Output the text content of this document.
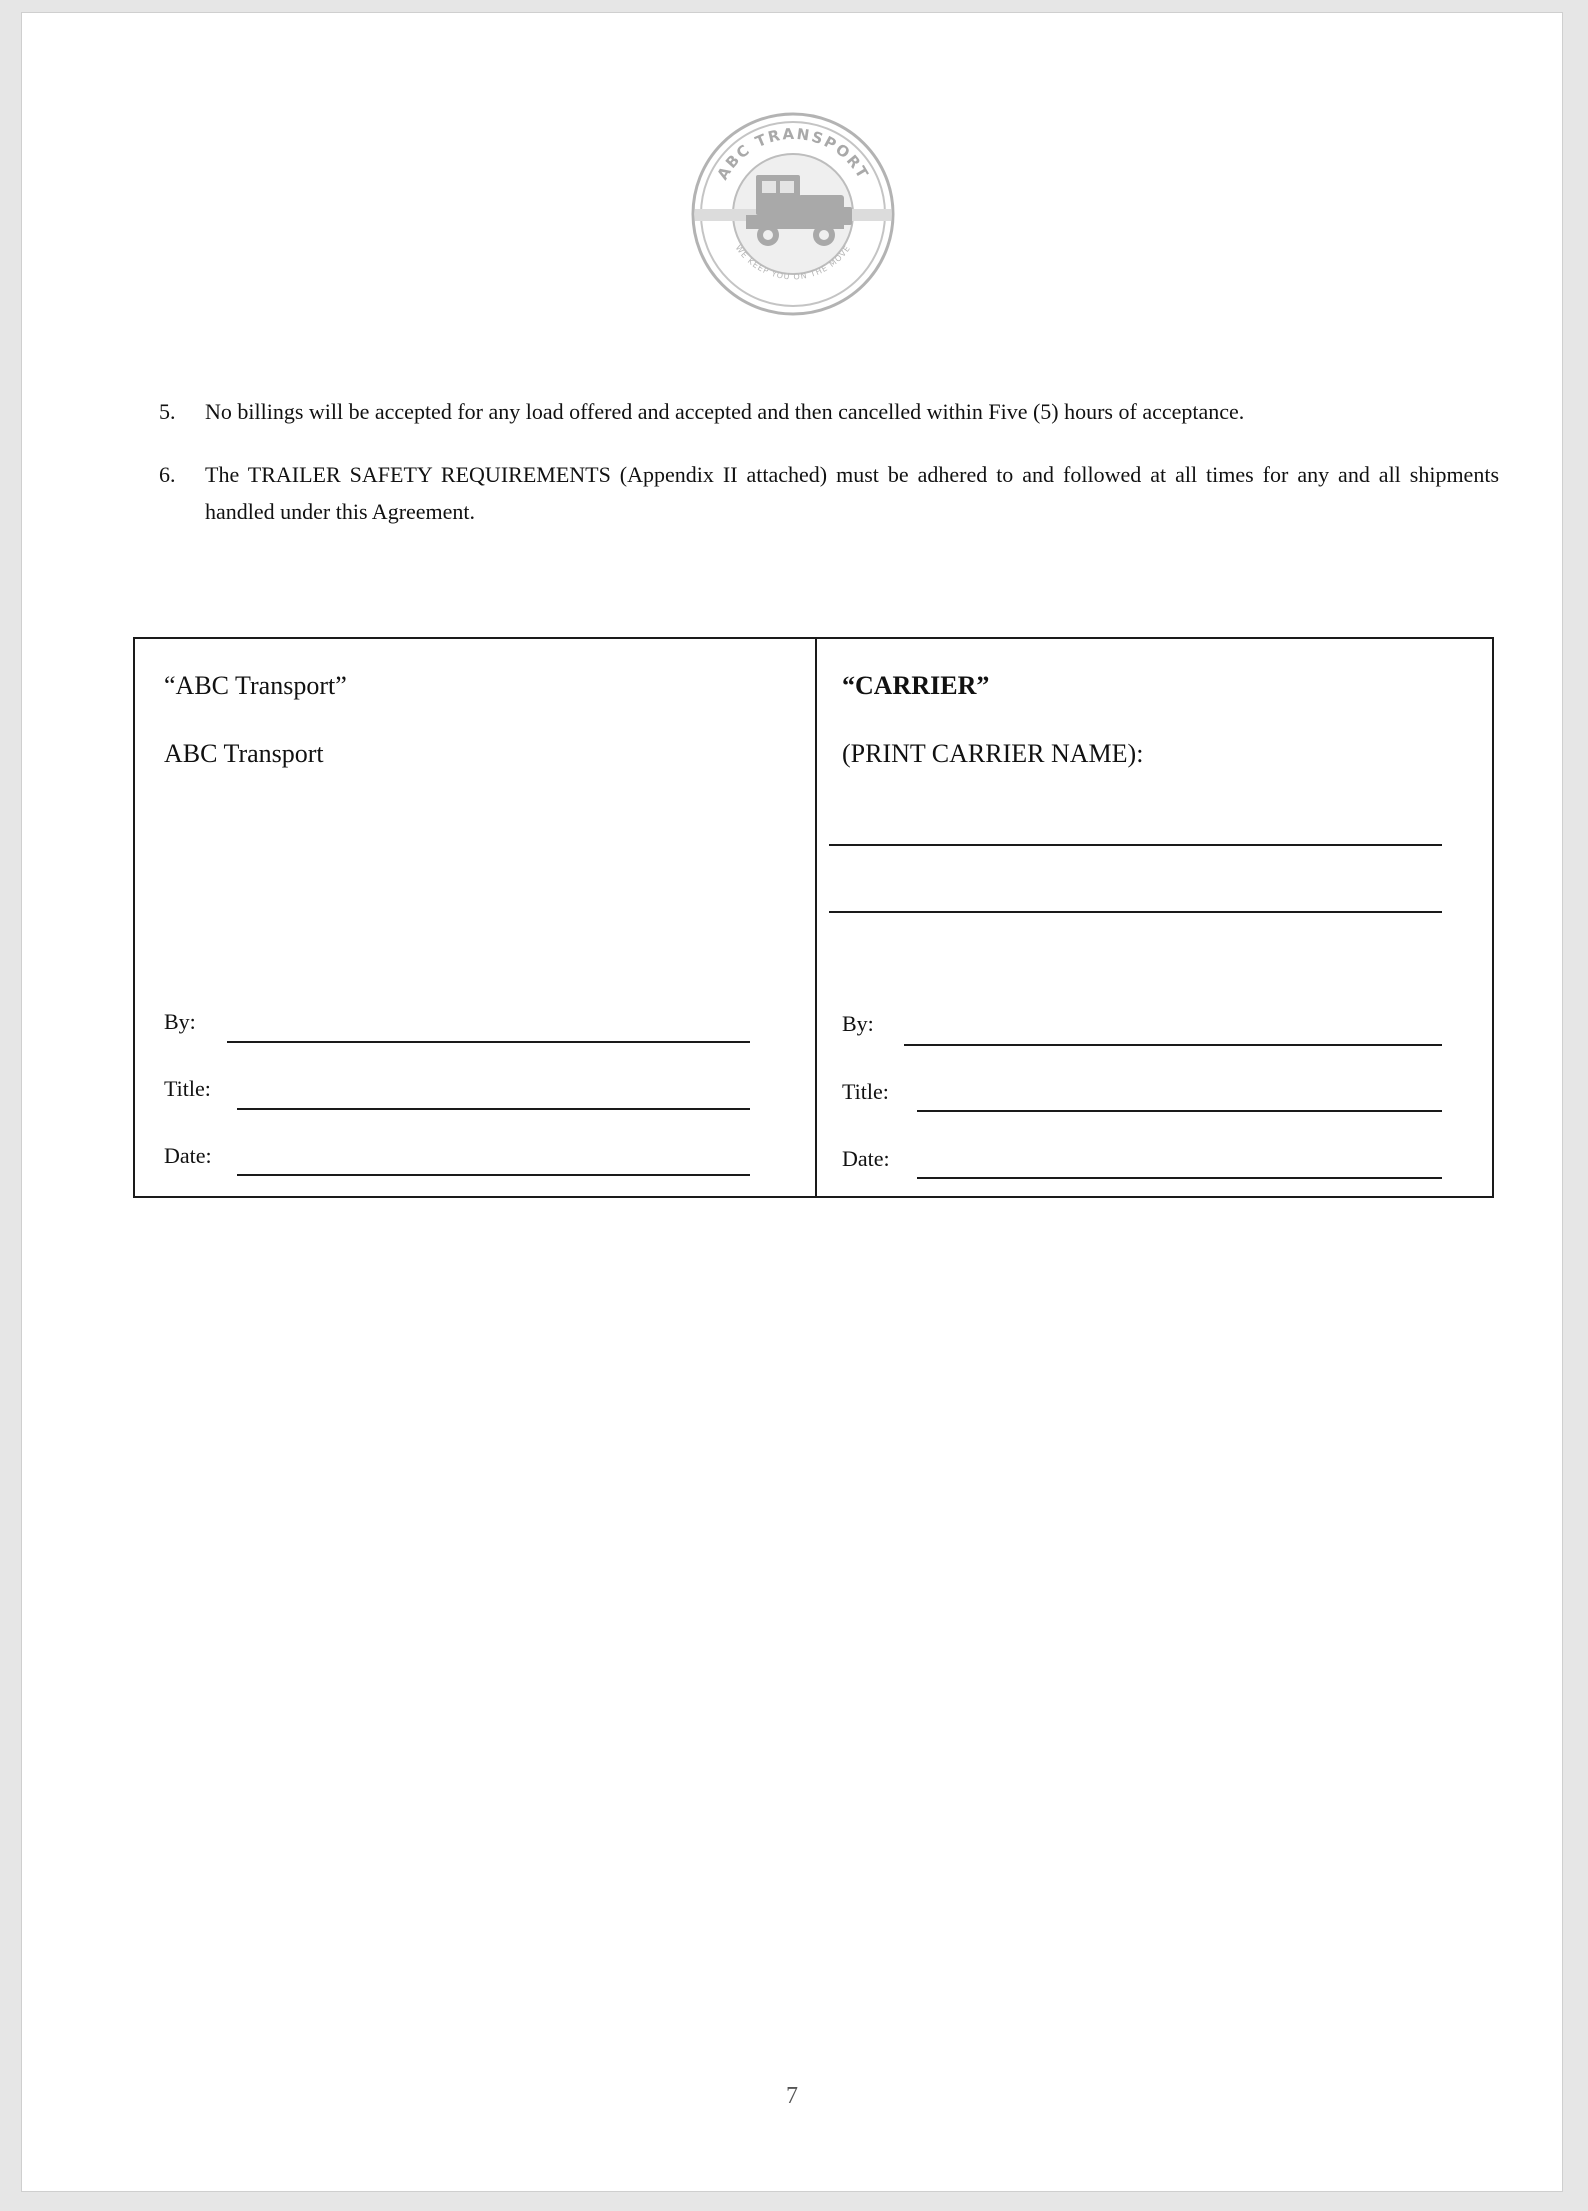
ABC TRANSPORT
WE KEEP YOU ON THE MOVE
5. No billings will be accepted for any load offered and accepted and then cancelled within Five (5) hours of acceptance.
6. The TRAILER SAFETY REQUIREMENTS (Appendix II attached) must be adhered to and followed at all times for any and all shipments handled under this Agreement.
“ABC Transport”
ABC Transport
By:
Title:
Date:
“CARRIER”
(PRINT CARRIER NAME):
By:
Title:
Date:
7
